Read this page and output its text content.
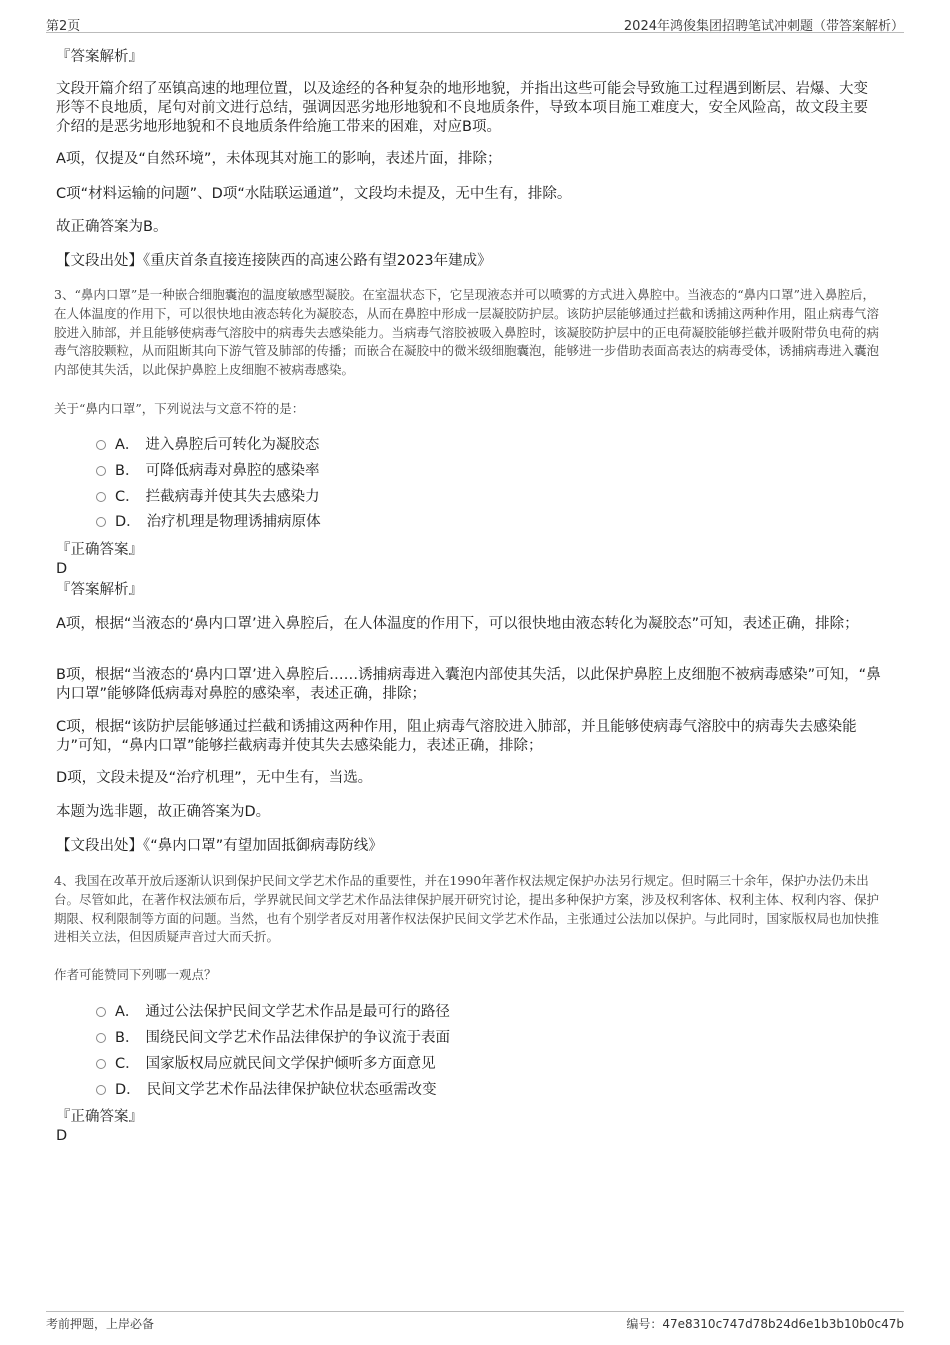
第2页	2024年鸿俊集团招聘笔试冲刺题（带答案解析）
『答案解析』
文段开篇介绍了巫镇高速的地理位置，以及途经的各种复杂的地形地貌，并指出这些可能会导致施工过程遇到断层、岩爆、大变形等不良地质，尾句对前文进行总结，强调因恶劣地形地貌和不良地质条件，导致本项目施工难度大，安全风险高，故文段主要介绍的是恶劣地形地貌和不良地质条件给施工带来的困难，对应B项。
A项，仅提及“自然环境”，未体现其对施工的影响，表述片面，排除；
C项“材料运输的问题”、D项“水陆联运通道”，文段均未提及，无中生有，排除。
故正确答案为B。
【文段出处】《重庆首条直接连接陕西的高速公路有望2023年建成》
3、“鼻内口罩”是一种嵌合细胞囊泡的温度敏感型凝胶。在室温状态下，它呈现液态并可以喷雾的方式进入鼻腔中。当液态的“鼻内口罩”进入鼻腔后，在人体温度的作用下，可以很快地由液态转化为凝胶态，从而在鼻腔中形成一层凝胶防护层。该防护层能够通过拦截和诱捕这两种作用，阻止病毒气溶胶进入肺部，并且能够使病毒气溶胶中的病毒失去感染能力。当病毒气溶胶被吸入鼻腔时，该凝胶防护层中的正电荷凝胶能够拦截并吸附带负电荷的病毒气溶胶颗粒，从而阻断其向下游气管及肺部的传播；而嵌合在凝胶中的微米级细胞囊泡，能够进一步借助表面高表达的病毒受体，诱捕病毒进入囊泡内部使其失活，以此保护鼻腔上皮细胞不被病毒感染。
关于“鼻内口罩”，下列说法与文意不符的是：
A． 进入鼻腔后可转化为凝胶态
B． 可降低病毒对鼻腔的感染率
C． 拦截病毒并使其失去感染力
D． 治疗机理是物理诱捕病原体
『正确答案』
D
『答案解析』
A项，根据“当液态的‘鼻内口罩’进入鼻腔后，在人体温度的作用下，可以很快地由液态转化为凝胶态”可知，表述正确，排除；
B项，根据“当液态的‘鼻内口罩’进入鼻腔后……诱捕病毒进入囊泡内部使其失活，以此保护鼻腔上皮细胞不被病毒感染”可知，“鼻内口罩”能够降低病毒对鼻腔的感染率，表述正确，排除；
C项，根据“该防护层能够通过拦截和诱捕这两种作用，阻止病毒气溶胶进入肺部，并且能够使病毒气溶胶中的病毒失去感染能力”可知，“鼻内口罩”能够拦截病毒并使其失去感染能力，表述正确，排除；
D项，文段未提及“治疗机理”，无中生有，当选。
本题为选非题，故正确答案为D。
【文段出处】《“鼻内口罩”有望加固抵御病毒防线》
4、我国在改革开放后逐渐认识到保护民间文学艺术作品的重要性，并在1990年著作权法规定保护办法另行规定。但时隔三十余年，保护办法仍未出台。尽管如此，在著作权法颁布后，学界就民间文学艺术作品法律保护展开研究讨论，提出多种保护方案，涉及权利客体、权利主体、权利内容、保护期限、权利限制等方面的问题。当然，也有个别学者反对用著作权法保护民间文学艺术作品，主张通过公法加以保护。与此同时，国家版权局也加快推进相关立法，但因质疑声音过大而夭折。
作者可能赞同下列哪一观点？
A． 通过公法保护民间文学艺术作品是最可行的路径
B． 围绕民间文学艺术作品法律保护的争议流于表面
C． 国家版权局应就民间文学保护倾听多方面意见
D． 民间文学艺术作品法律保护缺位状态亟需改变
『正确答案』
D
考前押题，上岸必备	编号：47e8310c747d78b24d6e1b3b10b0c47b
